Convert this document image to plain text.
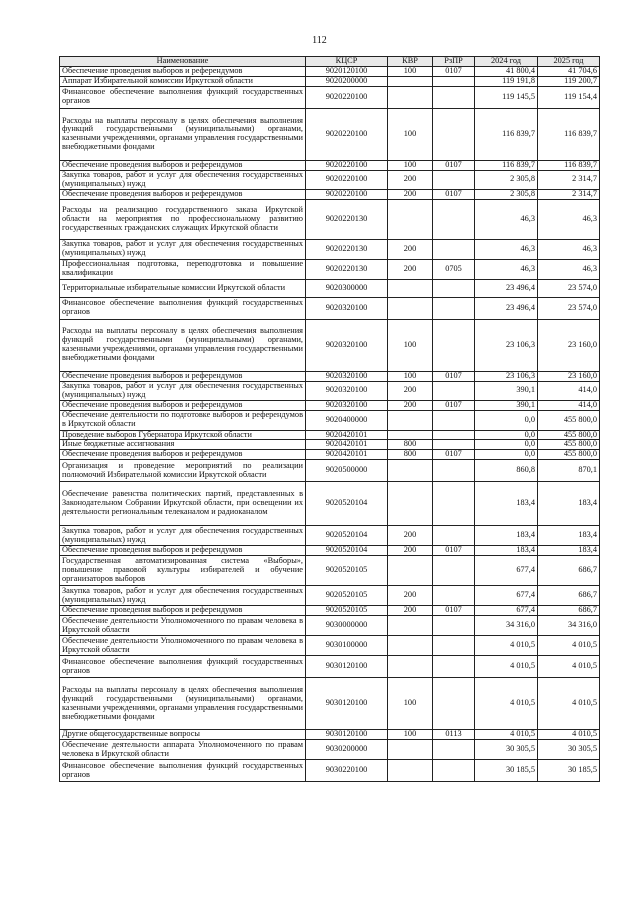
112
Наименование	КЦСР	КВР	РзПР	2024 год	2025 год
Обеспечение проведения выборов и референдумов	9020120100	100	0107	41 800,4	41 704,6
Аппарат Избирательной комиссии Иркутской области	9020200000			119 191,8	119 200,7
Финансовое обеспечение выполнения функций государственных органов	9020220100			119 145,5	119 154,4
Расходы на выплаты персоналу в целях обеспечения выполнения функций государственными (муниципальными) органами, казенными учреждениями, органами управления государственными внебюджетными фондами	9020220100	100		116 839,7	116 839,7
Обеспечение проведения выборов и референдумов	9020220100	100	0107	116 839,7	116 839,7
Закупка товаров, работ и услуг для обеспечения государственных (муниципальных) нужд	9020220100	200		2 305,8	2 314,7
Обеспечение проведения выборов и референдумов	9020220100	200	0107	2 305,8	2 314,7
Расходы на реализацию государственного заказа Иркутской области на мероприятия по профессиональному развитию государственных гражданских служащих Иркутской области	9020220130			46,3	46,3
Закупка товаров, работ и услуг для обеспечения государственных (муниципальных) нужд	9020220130	200		46,3	46,3
Профессиональная подготовка, переподготовка и повышение квалификации	9020220130	200	0705	46,3	46,3
Территориальные избирательные комиссии Иркутской области	9020300000			23 496,4	23 574,0
Финансовое обеспечение выполнения функций государственных органов	9020320100			23 496,4	23 574,0
Расходы на выплаты персоналу в целях обеспечения выполнения функций государственными (муниципальными) органами, казенными учреждениями, органами управления государственными внебюджетными фондами	9020320100	100		23 106,3	23 160,0
Обеспечение проведения выборов и референдумов	9020320100	100	0107	23 106,3	23 160,0
Закупка товаров, работ и услуг для обеспечения государственных (муниципальных) нужд	9020320100	200		390,1	414,0
Обеспечение проведения выборов и референдумов	9020320100	200	0107	390,1	414,0
Обеспечение деятельности по подготовке выборов и референдумов в Иркутской области	9020400000			0,0	455 800,0
Проведение выборов Губернатора Иркутской области	9020420101			0,0	455 800,0
Иные бюджетные ассигнования	9020420101	800		0,0	455 800,0
Обеспечение проведения выборов и референдумов	9020420101	800	0107	0,0	455 800,0
Организация и проведение мероприятий по реализации полномочий Избирательной комиссии Иркутской области	9020500000			860,8	870,1
Обеспечение равенства политических партий, представленных в Законодательном Собрании Иркутской области, при освещении их деятельности региональным телеканалом и радиоканалом	9020520104			183,4	183,4
Закупка товаров, работ и услуг для обеспечения государственных (муниципальных) нужд	9020520104	200		183,4	183,4
Обеспечение проведения выборов и референдумов	9020520104	200	0107	183,4	183,4
Государственная автоматизированная система «Выборы», повышение правовой культуры избирателей и обучение организаторов выборов	9020520105			677,4	686,7
Закупка товаров, работ и услуг для обеспечения государственных (муниципальных) нужд	9020520105	200		677,4	686,7
Обеспечение проведения выборов и референдумов	9020520105	200	0107	677,4	686,7
Обеспечение деятельности Уполномоченного по правам человека в Иркутской области	9030000000			34 316,0	34 316,0
Обеспечение деятельности Уполномоченного по правам человека в Иркутской области	9030100000			4 010,5	4 010,5
Финансовое обеспечение выполнения функций государственных органов	9030120100			4 010,5	4 010,5
Расходы на выплаты персоналу в целях обеспечения выполнения функций государственными (муниципальными) органами, казенными учреждениями, органами управления государственными внебюджетными фондами	9030120100	100		4 010,5	4 010,5
Другие общегосударственные вопросы	9030120100	100	0113	4 010,5	4 010,5
Обеспечение деятельности аппарата Уполномоченного по правам человека в Иркутской области	9030200000			30 305,5	30 305,5
Финансовое обеспечение выполнения функций государственных органов	9030220100			30 185,5	30 185,5
